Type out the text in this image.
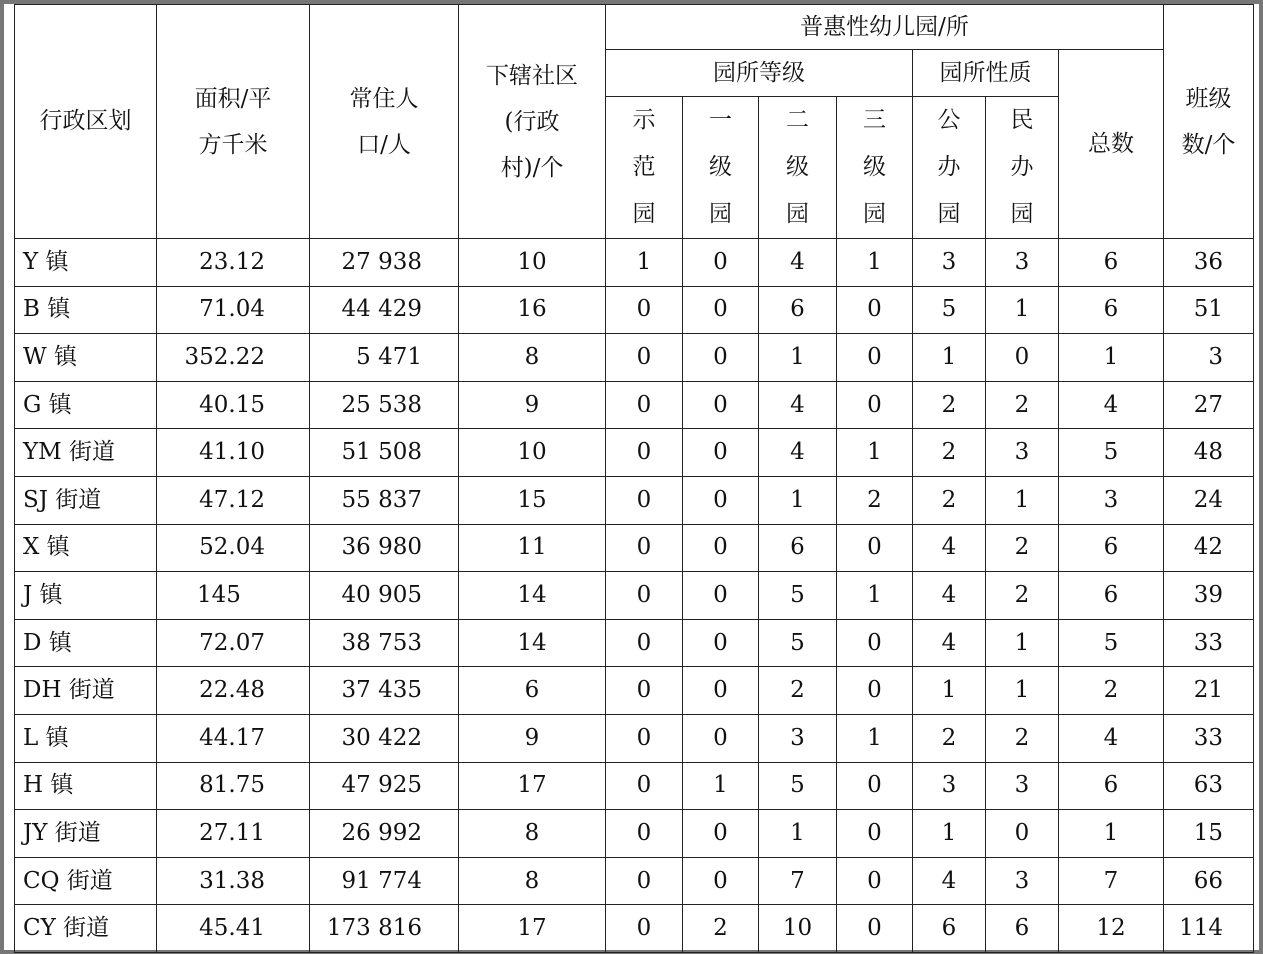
行政区划	面积/平方千米	常住人口/人	下辖社区(行政村)/个	普惠性幼儿园/所							班级数/个

				园所等级				园所性质		总数	

				示范园	一级园	二级园	三级园	公办园	民办园		

Y 镇	23.12	27 938	10	1	0	4	1	3	3	6	36
B 镇	71.04	44 429	16	0	0	6	0	5	1	6	51
W 镇	352.22	5 471	8	0	0	1	0	1	0	1	3
G 镇	40.15	25 538	9	0	0	4	0	2	2	4	27
YM 街道	41.10	51 508	10	0	0	4	1	2	3	5	48
SJ 街道	47.12	55 837	15	0	0	1	2	2	1	3	24
X 镇	52.04	36 980	11	0	0	6	0	4	2	6	42
J 镇	145	40 905	14	0	0	5	1	4	2	6	39
D 镇	72.07	38 753	14	0	0	5	0	4	1	5	33
DH 街道	22.48	37 435	6	0	0	2	0	1	1	2	21
L 镇	44.17	30 422	9	0	0	3	1	2	2	4	33
H 镇	81.75	47 925	17	0	1	5	0	3	3	6	63
JY 街道	27.11	26 992	8	0	0	1	0	1	0	1	15
CQ 街道	31.38	91 774	8	0	0	7	0	4	3	7	66
CY 街道	45.41	173 816	17	0	2	10	0	6	6	12	114
